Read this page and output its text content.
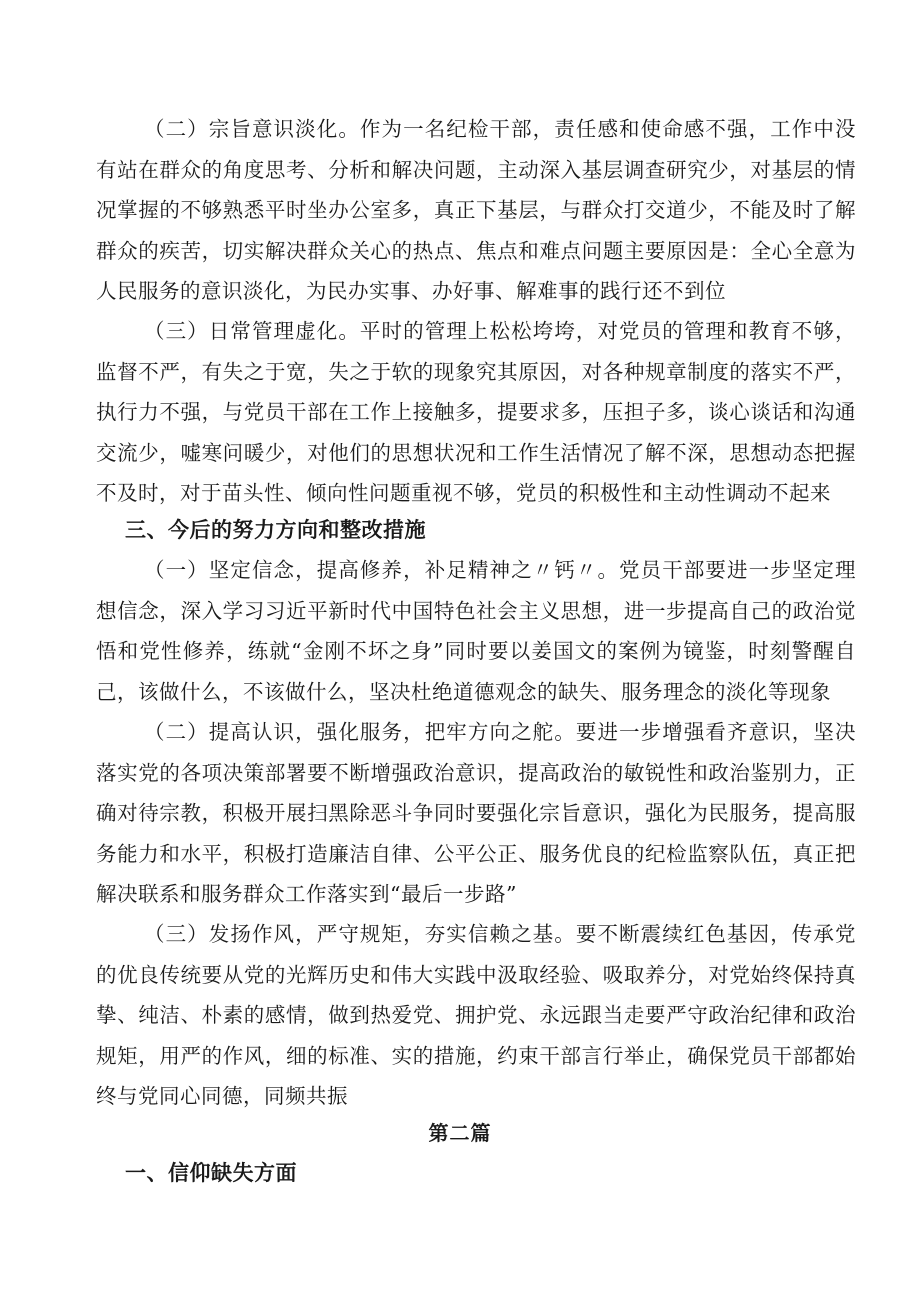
（二）宗旨意识淡化。作为一名纪检干部，责任感和使命感不强，工作中没有站在群众的角度思考、分析和解决问题，主动深入基层调查研究少，对基层的情况掌握的不够熟悉平时坐办公室多，真正下基层，与群众打交道少，不能及时了解群众的疾苦，切实解决群众关心的热点、焦点和难点问题主要原因是：全心全意为人民服务的意识淡化，为民办实事、办好事、解难事的践行还不到位

（三）日常管理虚化。平时的管理上松松垮垮，对党员的管理和教育不够，监督不严，有失之于宽，失之于软的现象究其原因，对各种规章制度的落实不严，执行力不强，与党员干部在工作上接触多，提要求多，压担子多，谈心谈话和沟通交流少，嘘寒问暖少，对他们的思想状况和工作生活情况了解不深，思想动态把握不及时，对于苗头性、倾向性问题重视不够，党员的积极性和主动性调动不起来

三、今后的努力方向和整改措施

（一）坚定信念，提高修养，补足精神之〃钙〃。党员干部要进一步坚定理想信念，深入学习习近平新时代中国特色社会主义思想，进一步提高自己的政治觉悟和党性修养，练就“金刚不坏之身”同时要以姜国文的案例为镜鉴，时刻警醒自己，该做什么，不该做什么，坚决杜绝道德观念的缺失、服务理念的淡化等现象

（二）提高认识，强化服务，把牢方向之舵。要进一步增强看齐意识，坚决落实党的各项决策部署要不断增强政治意识，提高政治的敏锐性和政治鉴别力，正确对待宗教，积极开展扫黑除恶斗争同时要强化宗旨意识，强化为民服务，提高服务能力和水平，积极打造廉洁自律、公平公正、服务优良的纪检监察队伍，真正把解决联系和服务群众工作落实到“最后一步路”

（三）发扬作风，严守规矩，夯实信赖之基。要不断震续红色基因，传承党的优良传统要从党的光辉历史和伟大实践中汲取经验、吸取养分，对党始终保持真挚、纯洁、朴素的感情，做到热爱党、拥护党、永远跟当走要严守政治纪律和政治规矩，用严的作风，细的标准、实的措施，约束干部言行举止，确保党员干部都始终与党同心同德，同频共振

第二篇
一、信仰缺失方面
